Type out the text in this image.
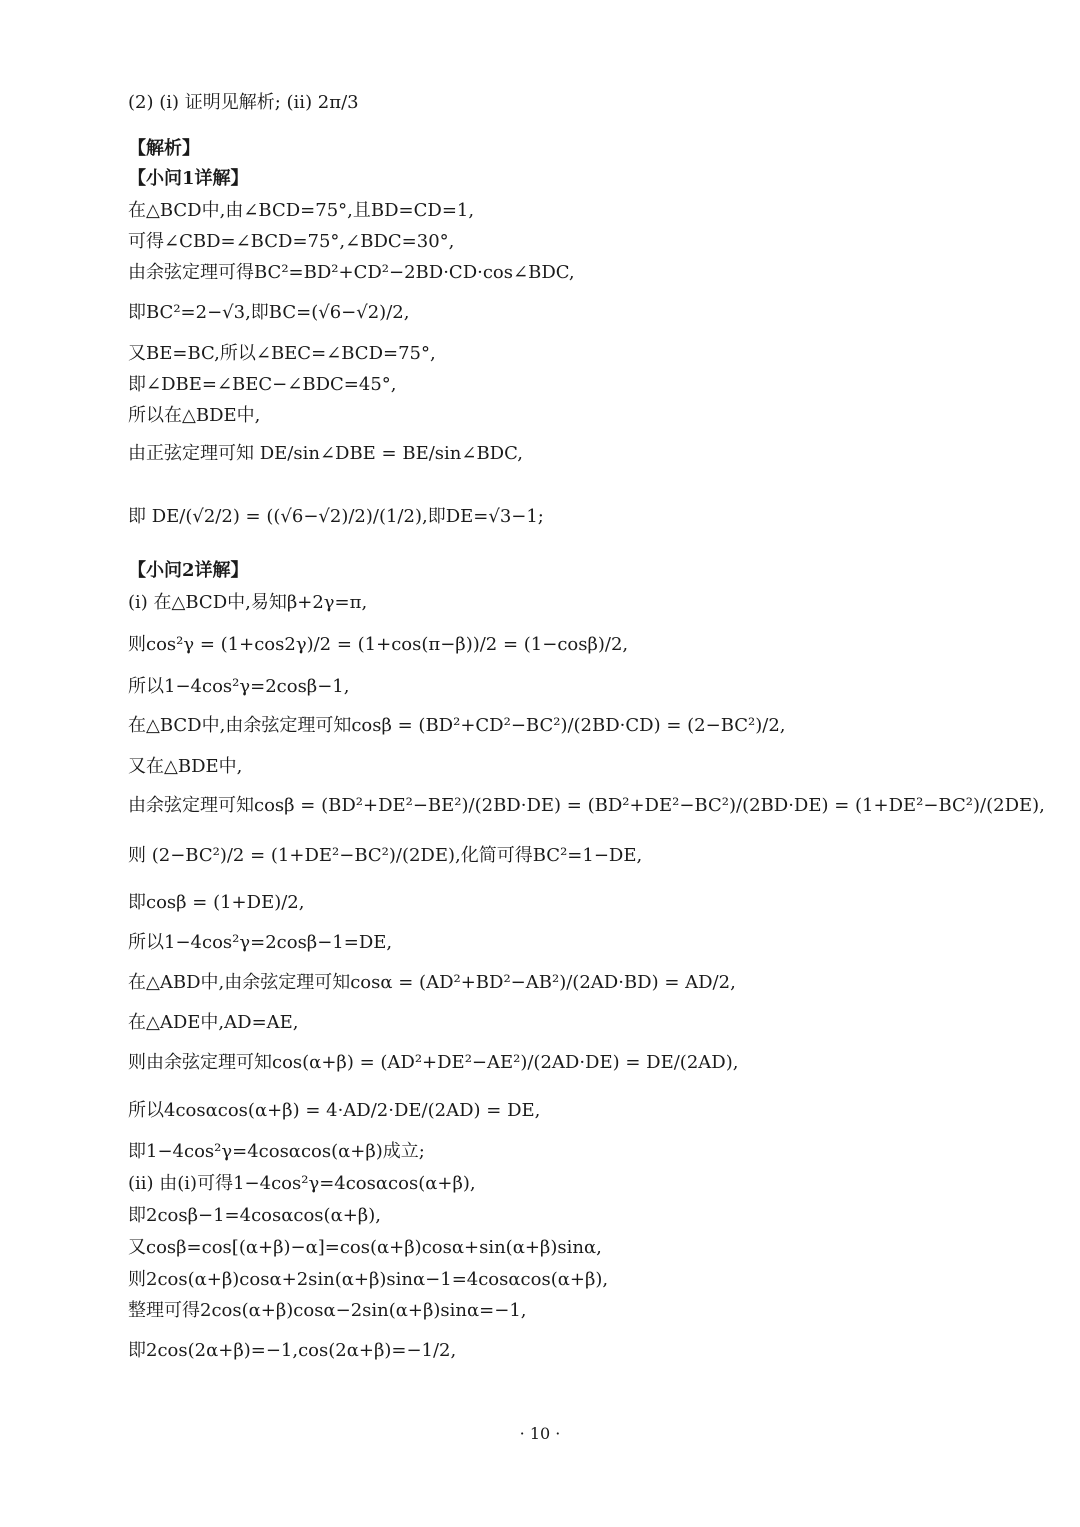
(2) (i) 证明见解析; (ii) 2π/3
【解析】
【小问1详解】
在△BCD中,由∠BCD=75°,且BD=CD=1,
可得∠CBD=∠BCD=75°,∠BDC=30°,
由余弦定理可得BC²=BD²+CD²−2BD·CD·cos∠BDC,
即BC²=2−√3,即BC=(√6−√2)/2,
又BE=BC,所以∠BEC=∠BCD=75°,
即∠DBE=∠BEC−∠BDC=45°,
所以在△BDE中,
由正弦定理可知 DE/sin∠DBE = BE/sin∠BDC,
即 DE/(√2/2) = ((√6−√2)/2)/(1/2),即DE=√3−1;
【小问2详解】
(i) 在△BCD中,易知β+2γ=π,
则cos²γ = (1+cos2γ)/2 = (1+cos(π−β))/2 = (1−cosβ)/2,
所以1−4cos²γ=2cosβ−1,
在△BCD中,由余弦定理可知cosβ = (BD²+CD²−BC²)/(2BD·CD) = (2−BC²)/2,
又在△BDE中,
由余弦定理可知cosβ = (BD²+DE²−BE²)/(2BD·DE) = (BD²+DE²−BC²)/(2BD·DE) = (1+DE²−BC²)/(2DE),
则 (2−BC²)/2 = (1+DE²−BC²)/(2DE),化简可得BC²=1−DE,
即cosβ = (1+DE)/2,
所以1−4cos²γ=2cosβ−1=DE,
在△ABD中,由余弦定理可知cosα = (AD²+BD²−AB²)/(2AD·BD) = AD/2,
在△ADE中,AD=AE,
则由余弦定理可知cos(α+β) = (AD²+DE²−AE²)/(2AD·DE) = DE/(2AD),
所以4cosαcos(α+β) = 4·AD/2·DE/(2AD) = DE,
即1−4cos²γ=4cosαcos(α+β)成立;
(ii) 由(i)可得1−4cos²γ=4cosαcos(α+β),
即2cosβ−1=4cosαcos(α+β),
又cosβ=cos[(α+β)−α]=cos(α+β)cosα+sin(α+β)sinα,
则2cos(α+β)cosα+2sin(α+β)sinα−1=4cosαcos(α+β),
整理可得2cos(α+β)cosα−2sin(α+β)sinα=−1,
即2cos(2α+β)=−1,cos(2α+β)=−1/2,
· 10 ·
